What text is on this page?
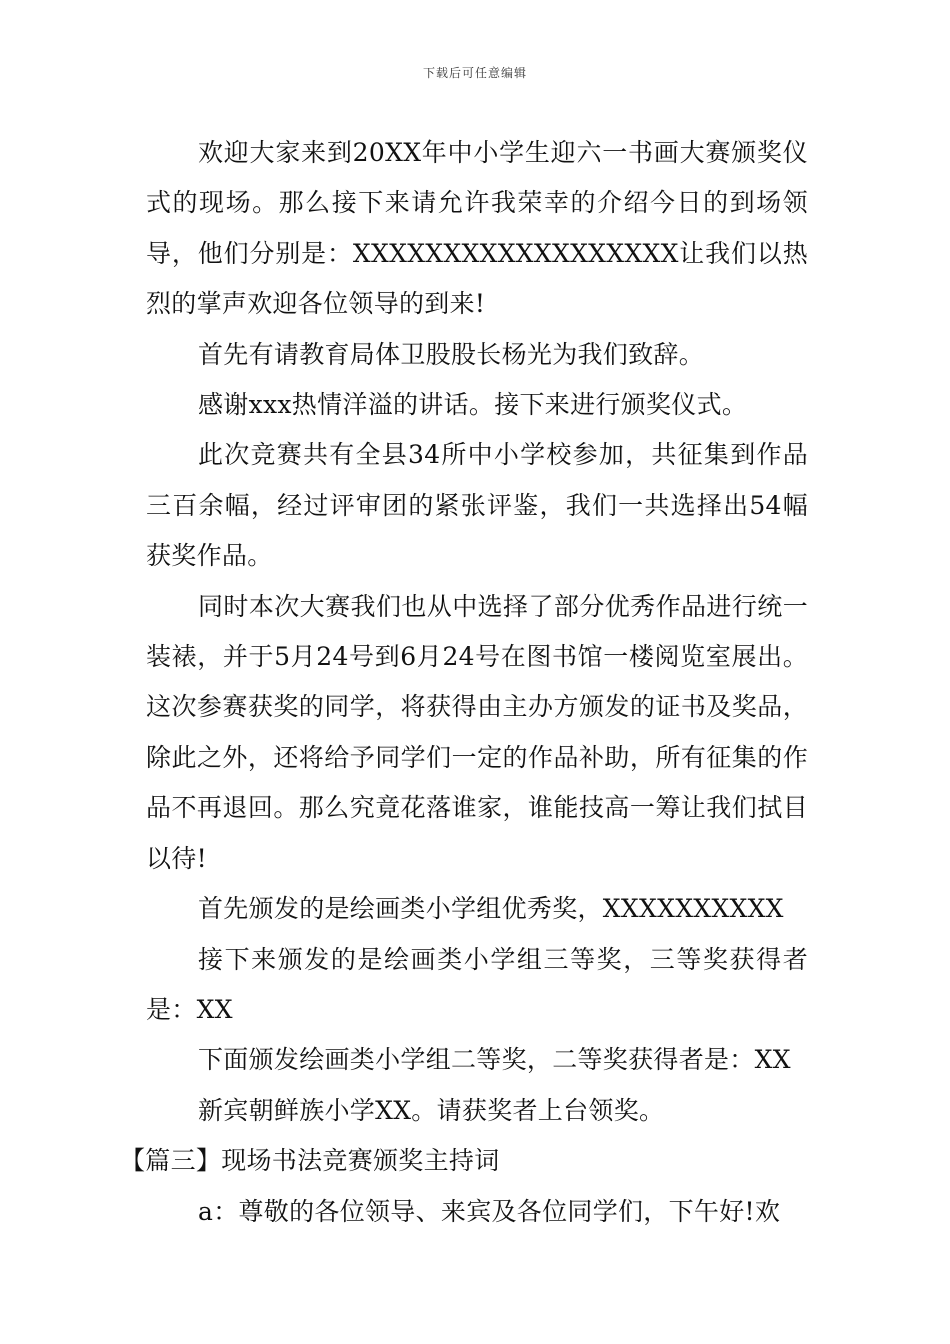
下载后可任意编辑

欢迎大家来到20XX年中小学生迎六一书画大赛颁奖仪式的现场。那么接下来请允许我荣幸的介绍今日的到场领导，他们分别是：XXXXXXXXXXXXXXXXXX让我们以热烈的掌声欢迎各位领导的到来!

首先有请教育局体卫股股长杨光为我们致辞。

感谢xxx热情洋溢的讲话。接下来进行颁奖仪式。

此次竞赛共有全县34所中小学校参加，共征集到作品三百余幅，经过评审团的紧张评鉴，我们一共选择出54幅获奖作品。

同时本次大赛我们也从中选择了部分优秀作品进行统一装裱，并于5月24号到6月24号在图书馆一楼阅览室展出。这次参赛获奖的同学，将获得由主办方颁发的证书及奖品，除此之外，还将给予同学们一定的作品补助，所有征集的作品不再退回。那么究竟花落谁家，谁能技高一筹让我们拭目以待!

首先颁发的是绘画类小学组优秀奖，XXXXXXXXXX

接下来颁发的是绘画类小学组三等奖，三等奖获得者是：XX

下面颁发绘画类小学组二等奖，二等奖获得者是：XX

新宾朝鲜族小学XX。请获奖者上台领奖。

【篇三】现场书法竞赛颁奖主持词

a：尊敬的各位领导、来宾及各位同学们，下午好!欢
